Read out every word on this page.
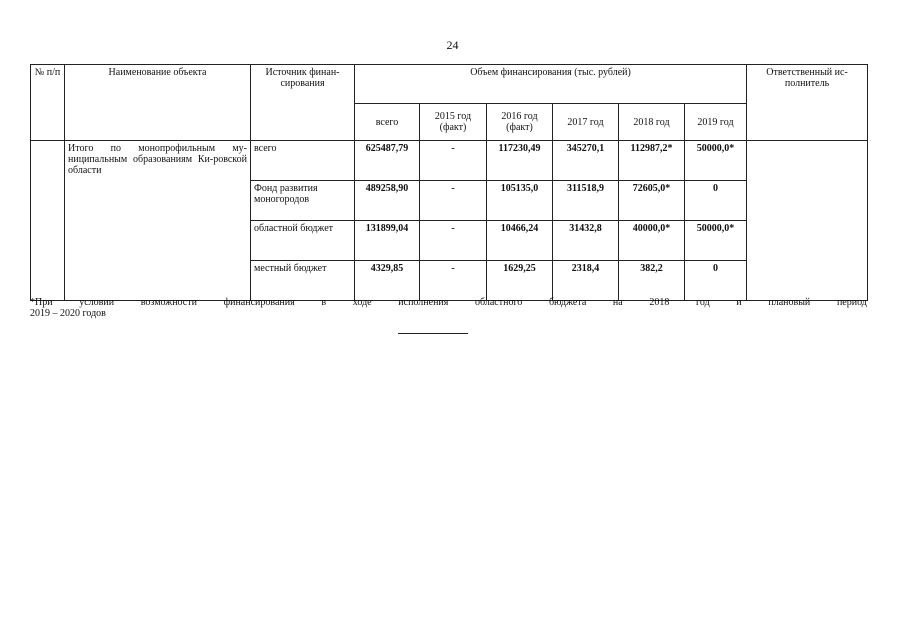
24
№ п/п	Наименование объекта	Источник финан-сирования	Объем финансирования (тыс. рублей)						Ответственный ис-полнитель
			всего	2015 год (факт)	2016 год (факт)	2017 год	2018 год	2019 год	
	Итого по монопрофильным му-ниципальным образованиям Ки-ровской области	всего	625487,79	-	117230,49	345270,1	112987,2*	50000,0*	
		Фонд развития моногородов	489258,90	-	105135,0	311518,9	72605,0*	0	
		областной бюджет	131899,04	-	10466,24	31432,8	40000,0*	50000,0*	
		местный бюджет	4329,85	-	1629,25	2318,4	382,2	0	
*При	условии	возможности	финансирования	в	ходе	исполнения	областного	бюджета	на	2018	год	и	плановый	период
2019 – 2020 годов
